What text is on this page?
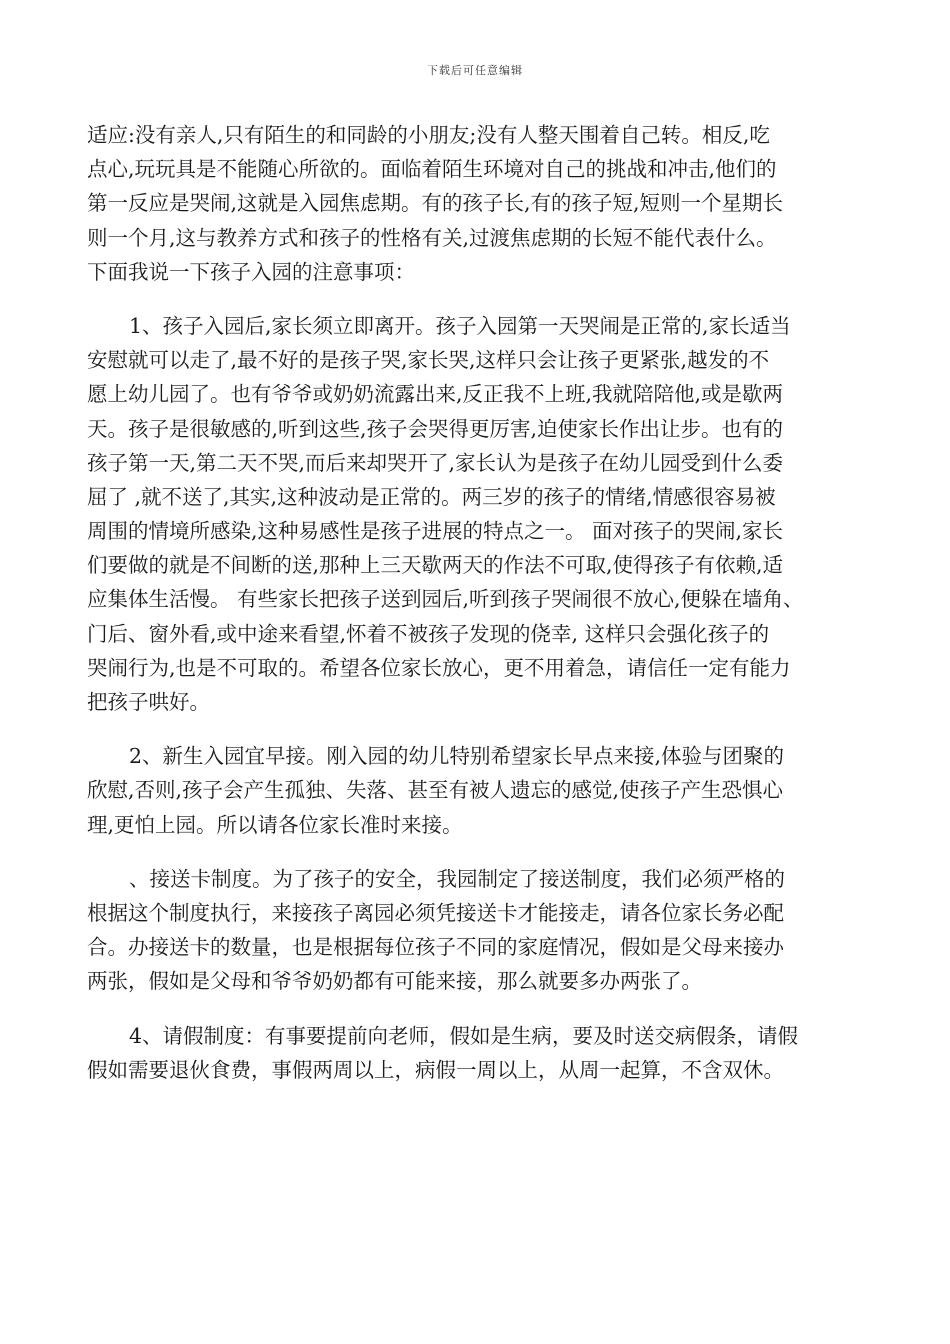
下载后可任意编辑
适应:没有亲人,只有陌生的和同龄的小朋友;没有人整天围着自己转。相反,吃
点心,玩玩具是不能随心所欲的。面临着陌生环境对自己的挑战和冲击,他们的
第一反应是哭闹,这就是入园焦虑期。有的孩子长,有的孩子短,短则一个星期长
则一个月,这与教养方式和孩子的性格有关,过渡焦虑期的长短不能代表什么。
下面我说一下孩子入园的注意事项：
1、孩子入园后,家长须立即离开。孩子入园第一天哭闹是正常的,家长适当
安慰就可以走了,最不好的是孩子哭,家长哭,这样只会让孩子更紧张,越发的不
愿上幼儿园了。也有爷爷或奶奶流露出来,反正我不上班,我就陪陪他,或是歇两
天。孩子是很敏感的,听到这些,孩子会哭得更厉害,迫使家长作出让步。也有的
孩子第一天,第二天不哭,而后来却哭开了,家长认为是孩子在幼儿园受到什么委
屈了 ,就不送了,其实,这种波动是正常的。两三岁的孩子的情绪,情感很容易被
周围的情境所感染,这种易感性是孩子进展的特点之一。 面对孩子的哭闹,家长
们要做的就是不间断的送,那种上三天歇两天的作法不可取,使得孩子有依赖,适
应集体生活慢。 有些家长把孩子送到园后,听到孩子哭闹很不放心,便躲在墙角、
门后、窗外看,或中途来看望,怀着不被孩子发现的侥幸, 这样只会强化孩子的
哭闹行为,也是不可取的。希望各位家长放心，更不用着急，请信任一定有能力
把孩子哄好。
2、新生入园宜早接。刚入园的幼儿特别希望家长早点来接,体验与团聚的
欣慰,否则,孩子会产生孤独、失落、甚至有被人遗忘的感觉,使孩子产生恐惧心
理,更怕上园。所以请各位家长准时来接。
、接送卡制度。为了孩子的安全，我园制定了接送制度，我们必须严格的
根据这个制度执行，来接孩子离园必须凭接送卡才能接走，请各位家长务必配
合。办接送卡的数量，也是根据每位孩子不同的家庭情况，假如是父母来接办
两张，假如是父母和爷爷奶奶都有可能来接，那么就要多办两张了。
4、请假制度：有事要提前向老师，假如是生病，要及时送交病假条，请假
假如需要退伙食费，事假两周以上，病假一周以上，从周一起算，不含双休。
